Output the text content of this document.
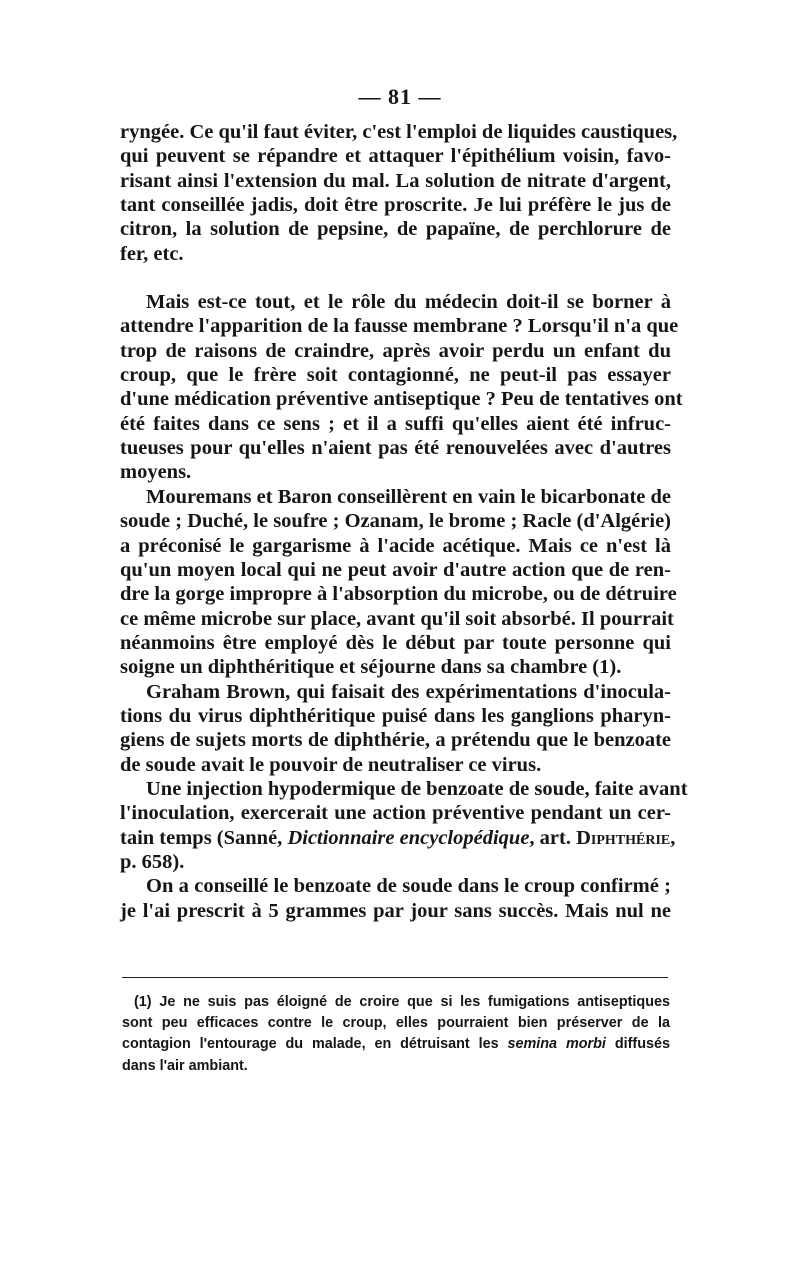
— 81 —
ryngée. Ce qu'il faut éviter, c'est l'emploi de liquides caustiques,
qui peuvent se répandre et attaquer l'épithélium voisin, favo-
risant ainsi l'extension du mal. La solution de nitrate d'argent,
tant conseillée jadis, doit être proscrite. Je lui préfère le jus de
citron, la solution de pepsine, de papaïne, de perchlorure de
fer, etc.
Mais est-ce tout, et le rôle du médecin doit-il se borner à
attendre l'apparition de la fausse membrane ? Lorsqu'il n'a que
trop de raisons de craindre, après avoir perdu un enfant du
croup, que le frère soit contagionné, ne peut-il pas essayer
d'une médication préventive antiseptique ? Peu de tentatives ont
été faites dans ce sens ; et il a suffi qu'elles aient été infruc-
tueuses pour qu'elles n'aient pas été renouvelées avec d'autres
moyens.
Mouremans et Baron conseillèrent en vain le bicarbonate de
soude ; Duché, le soufre ; Ozanam, le brome ; Racle (d'Algérie)
a préconisé le gargarisme à l'acide acétique. Mais ce n'est là
qu'un moyen local qui ne peut avoir d'autre action que de ren-
dre la gorge impropre à l'absorption du microbe, ou de détruire
ce même microbe sur place, avant qu'il soit absorbé. Il pourrait
néanmoins être employé dès le début par toute personne qui
soigne un diphthéritique et séjourne dans sa chambre (1).
Graham Brown, qui faisait des expérimentations d'inocula-
tions du virus diphthéritique puisé dans les ganglions pharyn-
giens de sujets morts de diphthérie, a prétendu que le benzoate
de soude avait le pouvoir de neutraliser ce virus.
Une injection hypodermique de benzoate de soude, faite avant
l'inoculation, exercerait une action préventive pendant un cer-
tain temps (Sanné, Dictionnaire encyclopédique, art. Diphthérie,
p. 658).
On a conseillé le benzoate de soude dans le croup confirmé ;
je l'ai prescrit à 5 grammes par jour sans succès. Mais nul ne
(1) Je ne suis pas éloigné de croire que si les fumigations antiseptiques
sont peu efficaces contre le croup, elles pourraient bien préserver de la
contagion l'entourage du malade, en détruisant les semina morbi diffusés
dans l'air ambiant.
